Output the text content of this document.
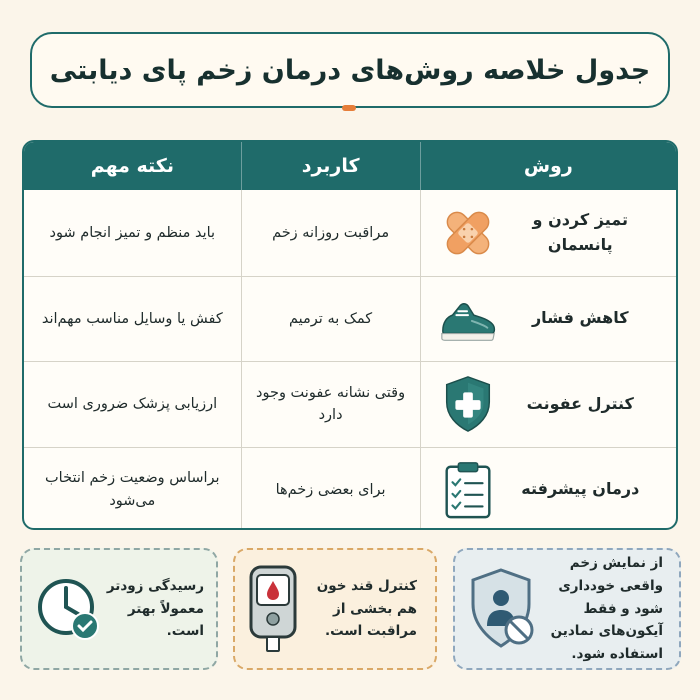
جدول خلاصه روش‌های درمان زخم پای دیابتی
روش
کاربرد
نکته مهم
تمیز کردن و پانسمان
مراقبت روزانه زخم
باید منظم و تمیز انجام شود
کاهش فشار
کمک به ترمیم
کفش یا وسایل مناسب مهم‌اند
کنترل عفونت
وقتی نشانه عفونت وجود دارد
ارزیابی پزشک ضروری است
درمان پیشرفته
برای بعضی زخم‌ها
براساس وضعیت زخم انتخاب می‌شود
رسیدگی زودتر معمولاً بهتر است.
کنترل قند خون هم بخشی از مراقبت است.
از نمایش زخم واقعی خودداری شود و فقط آیکون‌های نمادین استفاده شود.
